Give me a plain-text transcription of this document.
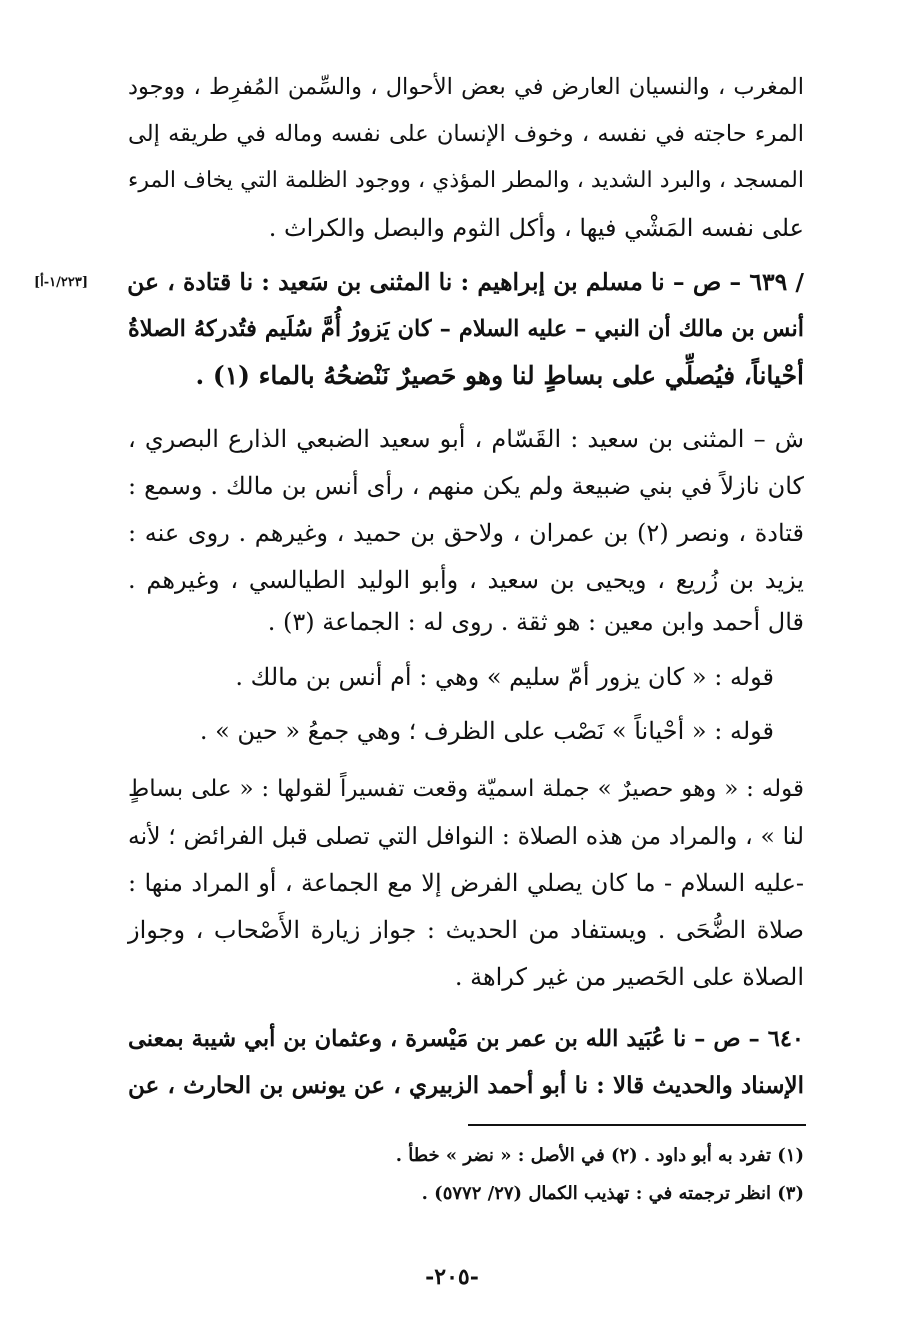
المغرب ، والنسيان العارض في بعض الأحوال ، والسِّمن المُفرِط ، ووجود
المرء حاجته في نفسه ، وخوف الإنسان على نفسه وماله في طريقه إلى
المسجد ، والبرد الشديد ، والمطر المؤذي ، ووجود الظلمة التي يخاف المرء
على نفسه المَشْي فيها ، وأكل الثوم والبصل والكراث .
/ ٦٣٩ – ص – نا مسلم بن إبراهيم : نا المثنى بن سَعيد : نا قتادة ، عن
[١/٢٢٣-أ]
أنس بن مالك أن النبي – عليه السلام – كان يَزورُ أُمَّ سُلَيم فتُدركهُ الصلاةُ
أحْياناً، فيُصلِّي على بساطٍ لنا وهو حَصيرٌ نَنْضحُهُ بالماء (١) .
ش – المثنى بن سعيد : القَسّام ، أبو سعيد الضبعي الذارع البصري ،
كان نازلاً في بني ضبيعة ولم يكن منهم ، رأى أنس بن مالك . وسمع :
قتادة ، ونصر (٢) بن عمران ، ولاحق بن حميد ، وغيرهم . روى عنه :
يزيد بن زُريع ، ويحيى بن سعيد ، وأبو الوليد الطيالسي ، وغيرهم .
قال أحمد وابن معين : هو ثقة . روى له : الجماعة (٣) .
قوله : « كان يزور أمّ سليم » وهي : أم أنس بن مالك .
قوله : « أحْياناً » نَصْب على الظرف ؛ وهي جمعُ « حين » .
قوله : « وهو حصيرٌ » جملة اسميّة وقعت تفسيراً لقولها : « على بساطٍ
لنا » ، والمراد من هذه الصلاة : النوافل التي تصلى قبل الفرائض ؛ لأنه
-عليه السلام - ما كان يصلي الفرض إلا مع الجماعة ، أو المراد منها :
صلاة الضُّحَى . ويستفاد من الحديث : جواز زيارة الأَصْحاب ، وجواز
الصلاة على الحَصير من غير كراهة .
٦٤٠ – ص – نا عُبَيد الله بن عمر بن مَيْسرة ، وعثمان بن أبي شيبة بمعنى
الإسناد والحديث قالا : نا أبو أحمد الزبيري ، عن يونس بن الحارث ، عن
(١) تفرد به أبو داود . (٢) في الأصل : « نضر » خطأ .
(٣) انظر ترجمته في : تهذيب الكمال (٢٧/ ٥٧٧٢) .
-٢٠٥-
